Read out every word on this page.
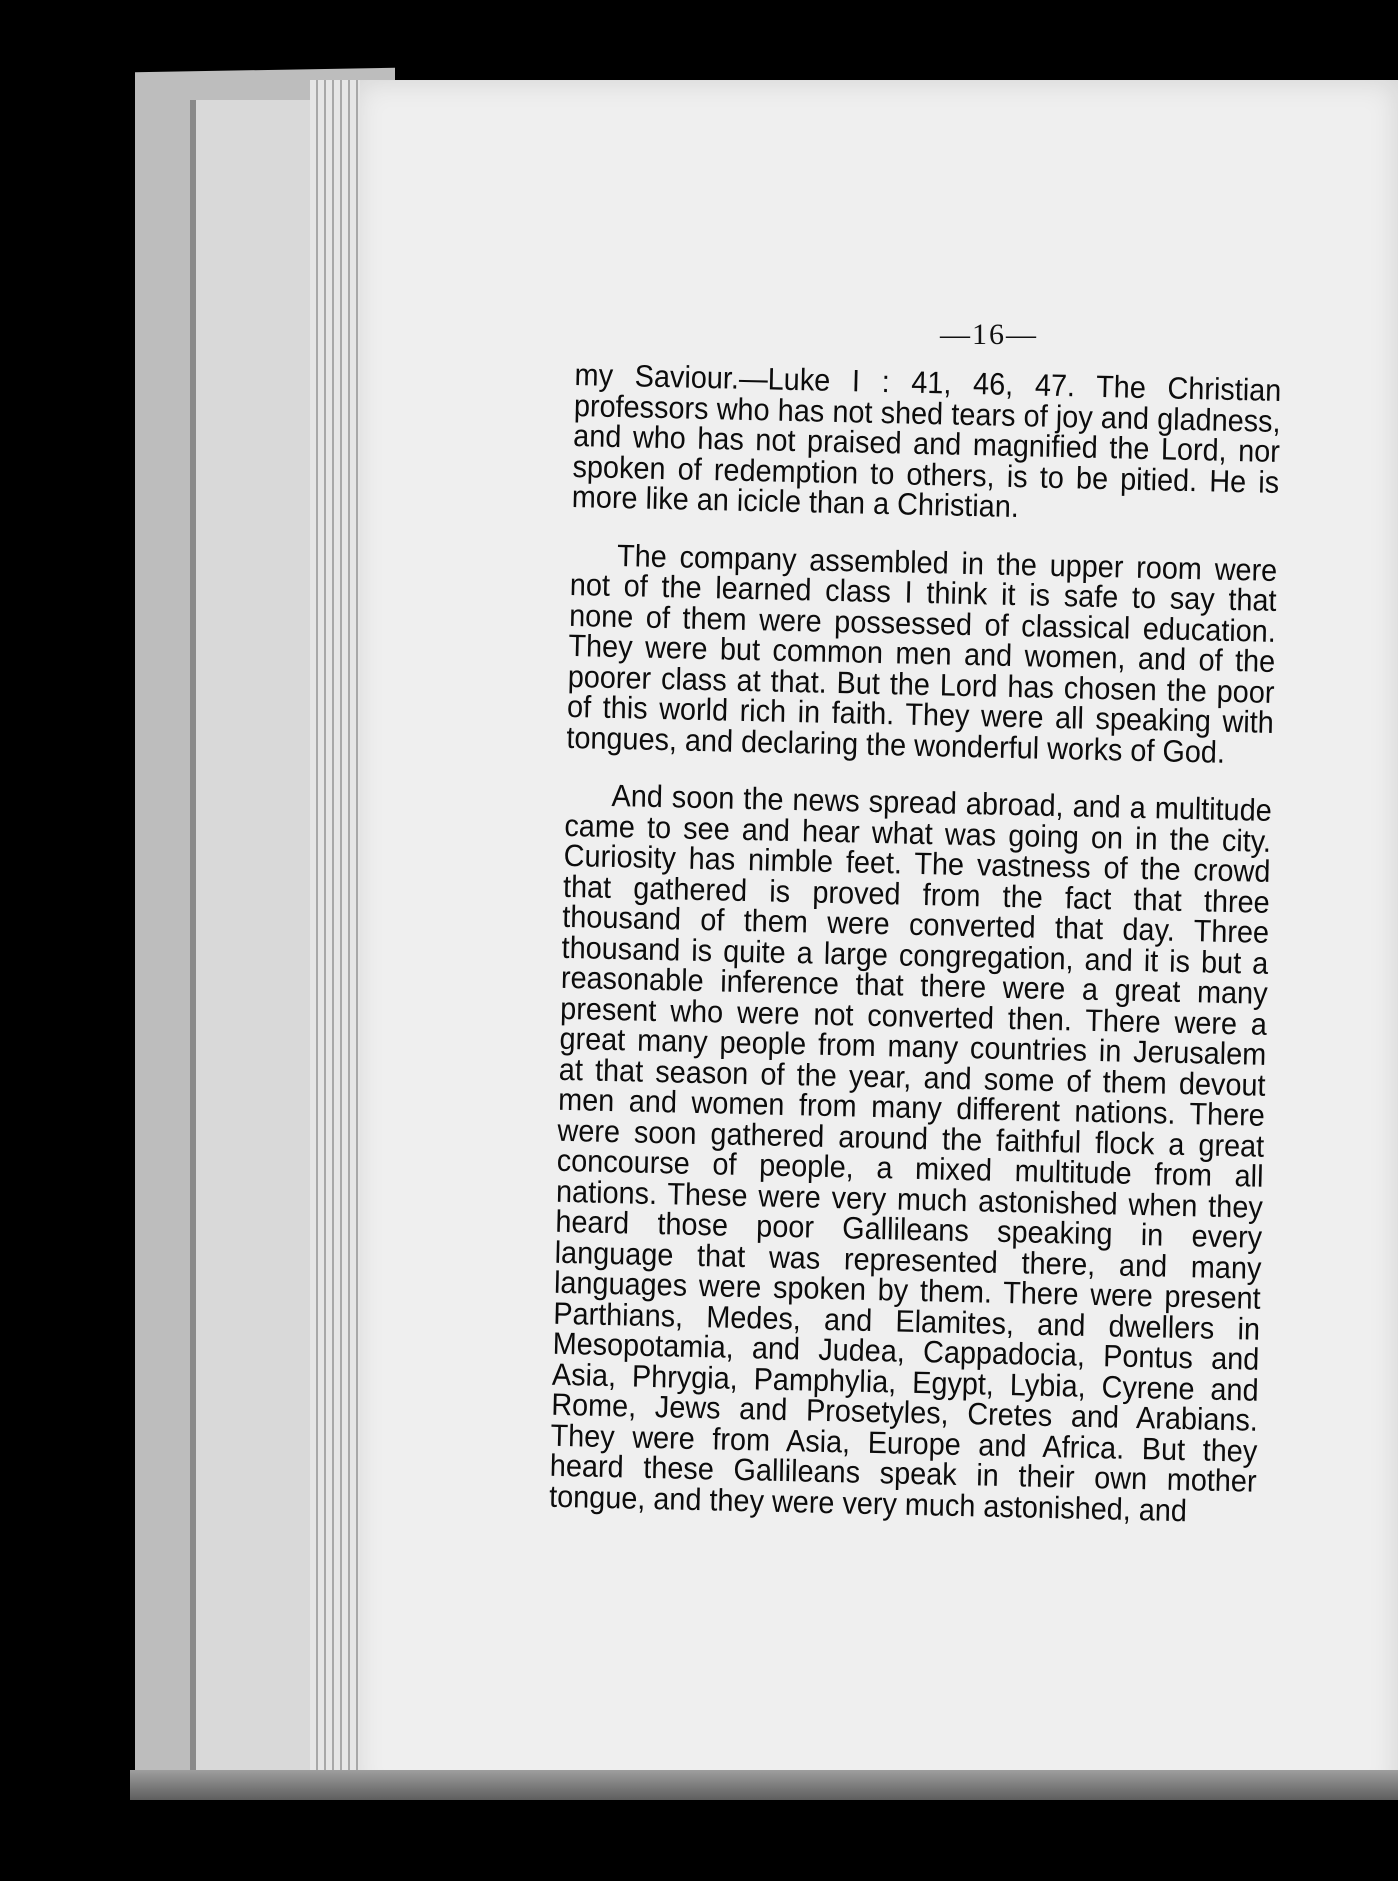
—16—

my Saviour.—Luke I : 41, 46, 47. The Christian professors who has not shed tears of joy and gladness, and who has not praised and magnified the Lord, nor spoken of redemption to others, is to be pitied. He is more like an icicle than a Christian.

The company assembled in the upper room were not of the learned class I think it is safe to say that none of them were possessed of classical education. They were but common men and women, and of the poorer class at that. But the Lord has chosen the poor of this world rich in faith. They were all speaking with tongues, and declaring the wonderful works of God.

And soon the news spread abroad, and a multitude came to see and hear what was going on in the city. Curiosity has nimble feet. The vastness of the crowd that gathered is proved from the fact that three thousand of them were converted that day. Three thousand is quite a large congregation, and it is but a reasonable inference that there were a great many present who were not converted then. There were a great many people from many countries in Jerusalem at that season of the year, and some of them devout men and women from many different nations. There were soon gathered around the faithful flock a great concourse of people, a mixed multitude from all nations. These were very much astonished when they heard those poor Gallileans speaking in every language that was represented there, and many languages were spoken by them. There were present Parthians, Medes, and Elamites, and dwellers in Mesopotamia, and Judea, Cappadocia, Pontus and Asia, Phrygia, Pamphylia, Egypt, Lybia, Cyrene and Rome, Jews and Prosetyles, Cretes and Arabians. They were from Asia, Europe and Africa. But they heard these Gallileans speak in their own mother tongue, and they were very much astonished, and
